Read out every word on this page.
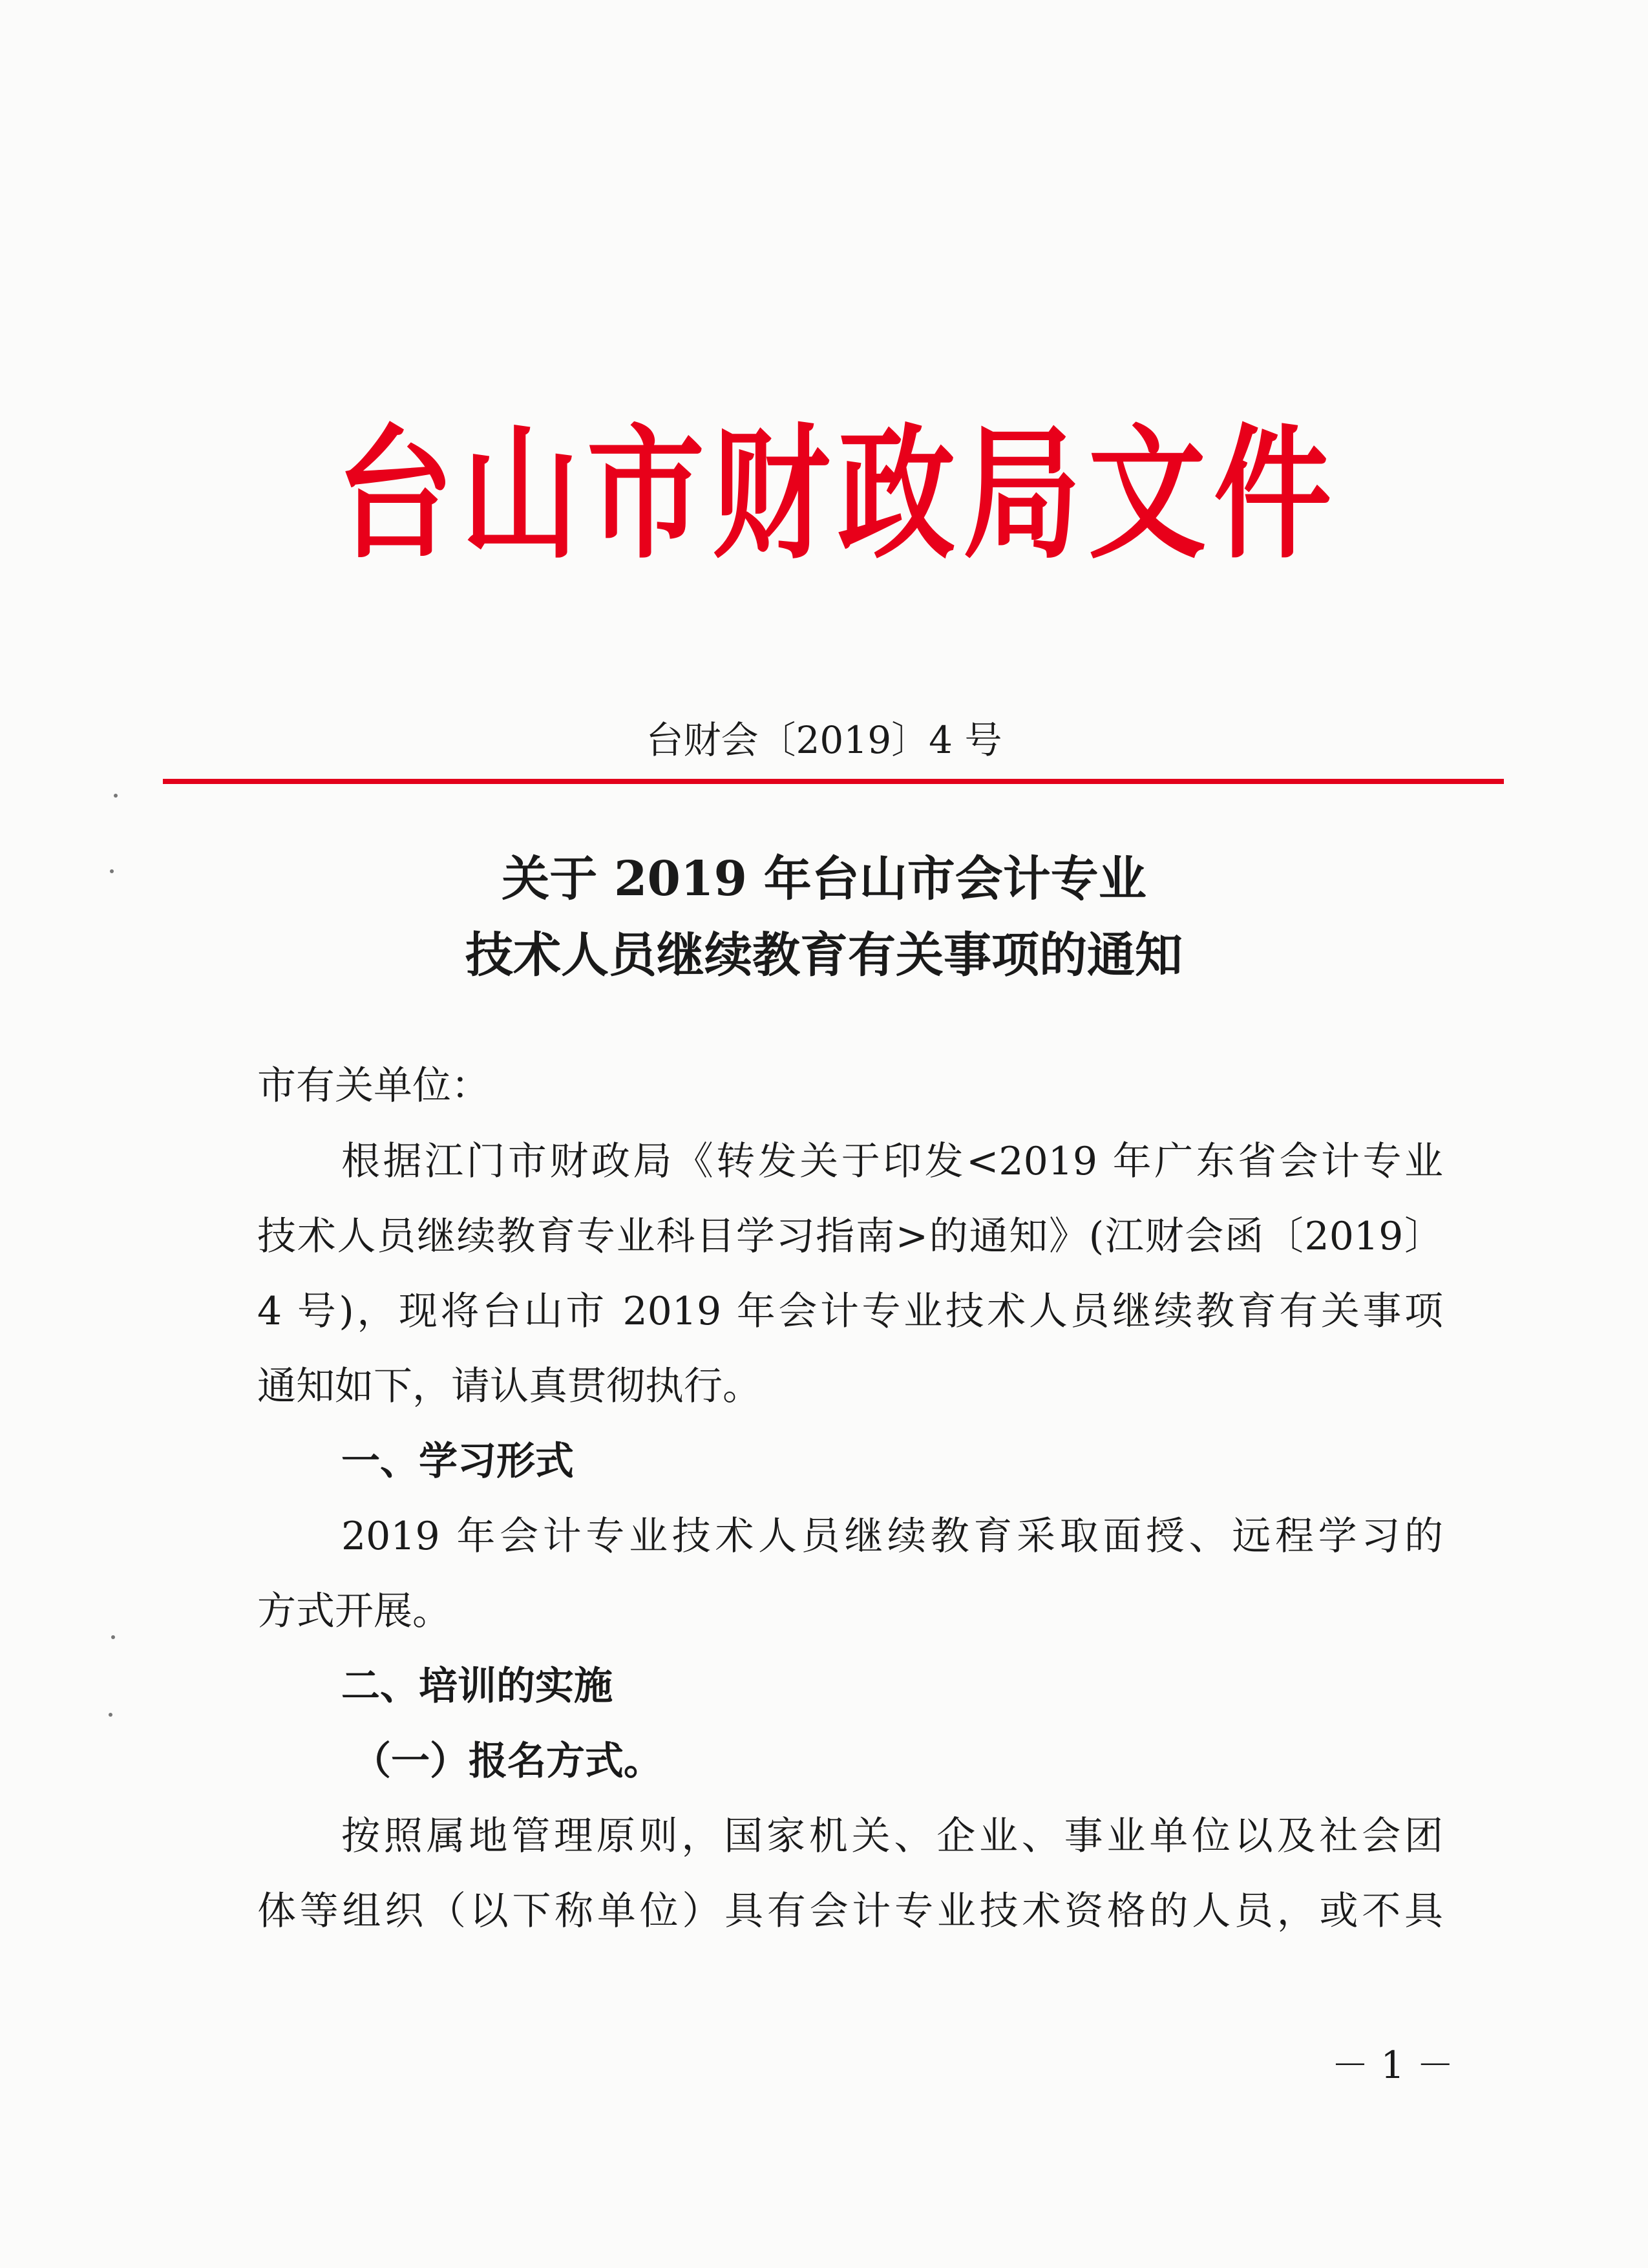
台 山 市 财 政 局 文 件
台财会〔2019〕4 号
关于 2019 年台山市会计专业
技术人员继续教育有关事项的通知
市有关单位：
根据江门市财政局《转发关于印发<2019 年广东省会计专业
技术人员继续教育专业科目学习指南>的通知》(江财会函〔2019〕
4 号)，现将台山市 2019 年会计专业技术人员继续教育有关事项
通知如下，请认真贯彻执行。
一、学习形式
2019 年会计专业技术人员继续教育采取面授、远程学习的
方式开展。
二、培训的实施
（一）报名方式。
按照属地管理原则，国家机关、企业、事业单位以及社会团
体等组织（以下称单位）具有会计专业技术资格的人员，或不具
－ 1 －
